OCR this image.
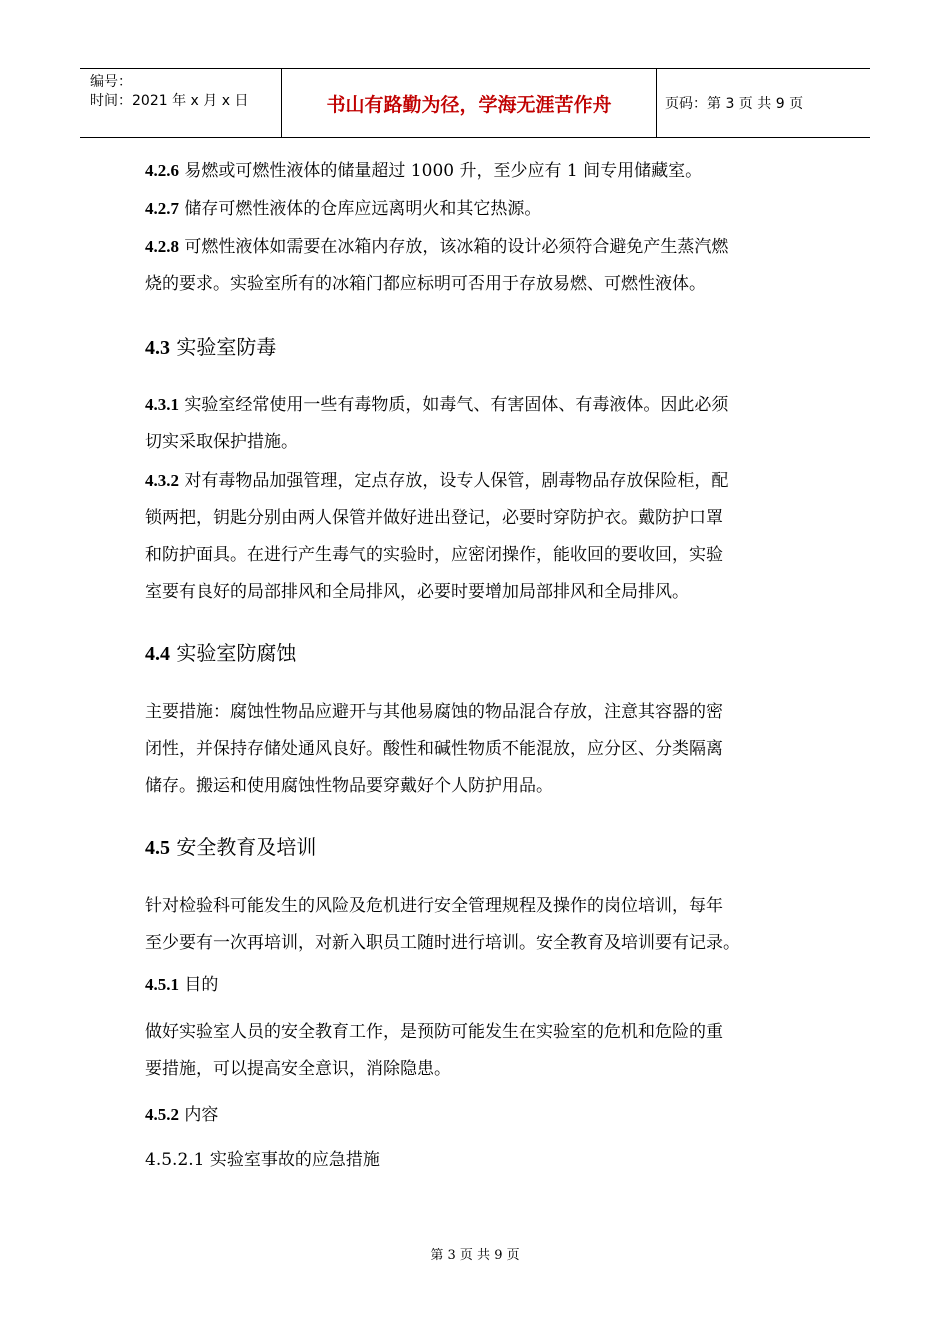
编号：
时间：2021 年 x 月 x 日	书山有路勤为径，学海无涯苦作舟	页码：第 3 页 共 9 页

4.2.6 易燃或可燃性液体的储量超过 1000 升，至少应有 1 间专用储藏室。

4.2.7 储存可燃性液体的仓库应远离明火和其它热源。

4.2.8 可燃性液体如需要在冰箱内存放，该冰箱的设计必须符合避免产生蒸汽燃
烧的要求。实验室所有的冰箱门都应标明可否用于存放易燃、可燃性液体。

4.3 实验室防毒

4.3.1 实验室经常使用一些有毒物质，如毒气、有害固体、有毒液体。因此必须
切实采取保护措施。

4.3.2 对有毒物品加强管理，定点存放，设专人保管，剧毒物品存放保险柜，配
锁两把，钥匙分别由两人保管并做好进出登记，必要时穿防护衣。戴防护口罩
和防护面具。在进行产生毒气的实验时，应密闭操作，能收回的要收回，实验
室要有良好的局部排风和全局排风，必要时要增加局部排风和全局排风。

4.4 实验室防腐蚀

主要措施：腐蚀性物品应避开与其他易腐蚀的物品混合存放，注意其容器的密
闭性，并保持存储处通风良好。酸性和碱性物质不能混放，应分区、分类隔离
储存。搬运和使用腐蚀性物品要穿戴好个人防护用品。

4.5 安全教育及培训

针对检验科可能发生的风险及危机进行安全管理规程及操作的岗位培训，每年
至少要有一次再培训，对新入职员工随时进行培训。安全教育及培训要有记录。

4.5.1 目的

做好实验室人员的安全教育工作，是预防可能发生在实验室的危机和危险的重
要措施，可以提高安全意识，消除隐患。

4.5.2 内容

4.5.2.1 实验室事故的应急措施

第 3 页 共 9 页
